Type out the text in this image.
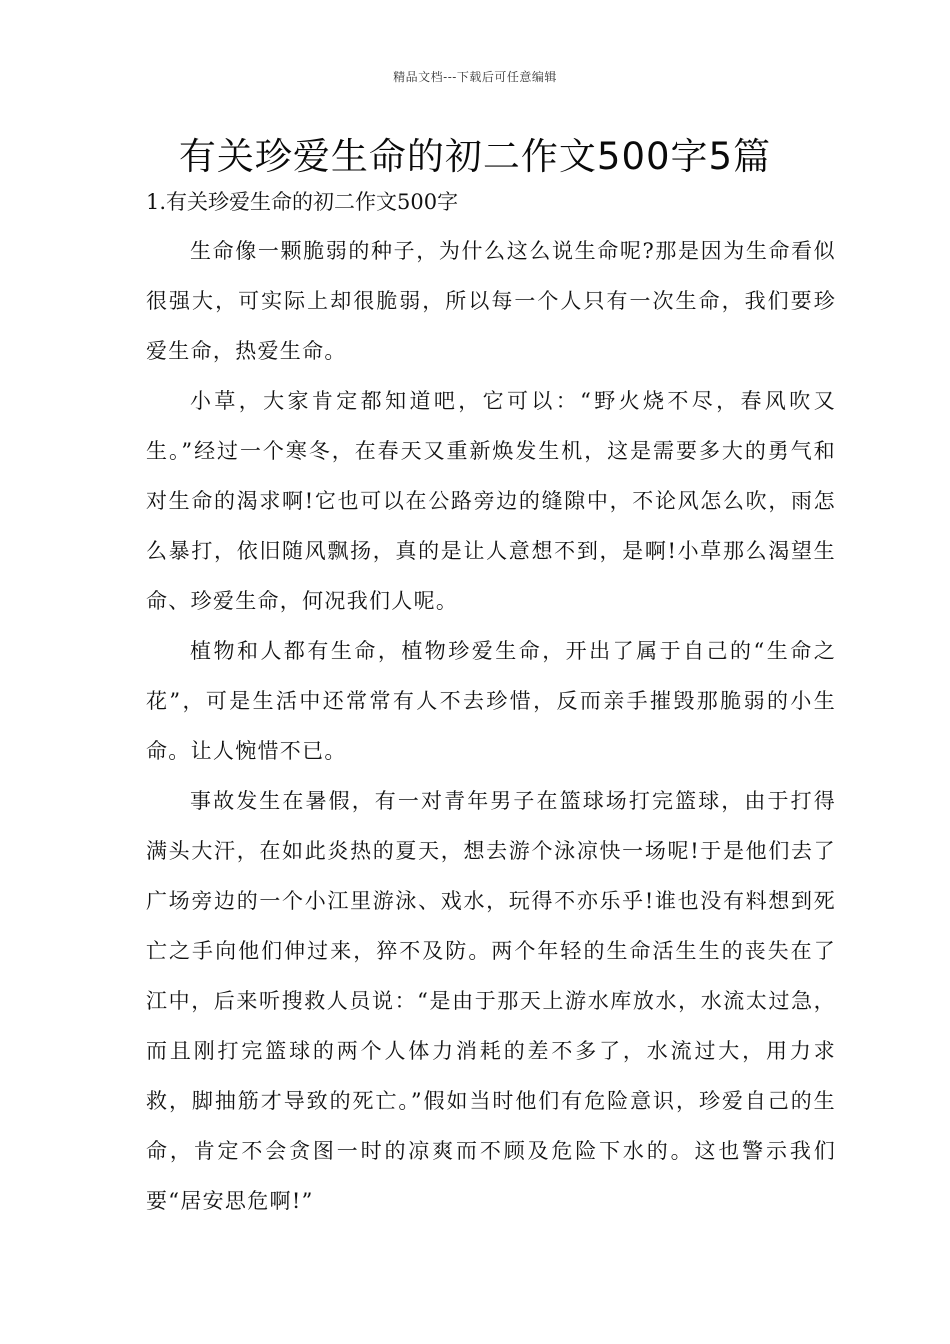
精品文档---下载后可任意编辑
有关珍爱生命的初二作文500字5篇
1.有关珍爱生命的初二作文500字

生命像一颗脆弱的种子，为什么这么说生命呢?那是因为生命看似很强大，可实际上却很脆弱，所以每一个人只有一次生命，我们要珍爱生命，热爱生命。

小草，大家肯定都知道吧，它可以：“野火烧不尽，春风吹又生。”经过一个寒冬，在春天又重新焕发生机，这是需要多大的勇气和对生命的渴求啊!它也可以在公路旁边的缝隙中，不论风怎么吹，雨怎么暴打，依旧随风飘扬，真的是让人意想不到，是啊!小草那么渴望生命、珍爱生命，何况我们人呢。

植物和人都有生命，植物珍爱生命，开出了属于自己的“生命之花”，可是生活中还常常有人不去珍惜，反而亲手摧毁那脆弱的小生命。让人惋惜不已。

事故发生在暑假，有一对青年男子在篮球场打完篮球，由于打得满头大汗，在如此炎热的夏天，想去游个泳凉快一场呢!于是他们去了广场旁边的一个小江里游泳、戏水，玩得不亦乐乎!谁也没有料想到死亡之手向他们伸过来，猝不及防。两个年轻的生命活生生的丧失在了江中，后来听搜救人员说：“是由于那天上游水库放水，水流太过急，而且刚打完篮球的两个人体力消耗的差不多了，水流过大，用力求救，脚抽筋才导致的死亡。”假如当时他们有危险意识，珍爱自己的生命，肯定不会贪图一时的凉爽而不顾及危险下水的。这也警示我们要“居安思危啊!”
